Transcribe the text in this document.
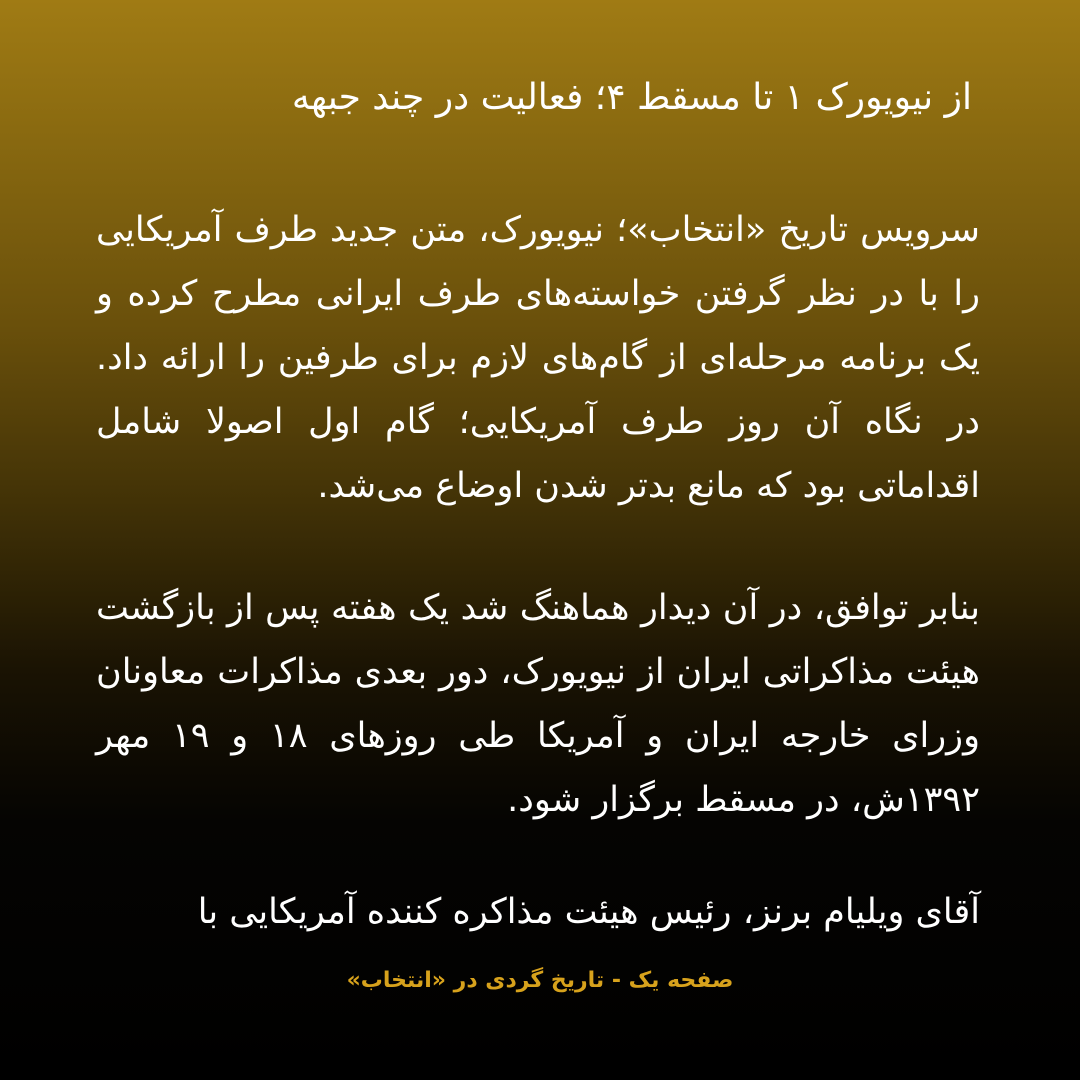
از نیویورک ۱ تا مسقط ۴؛ فعالیت در چند جبهه

سرویس تاریخ «انتخاب»؛ نیویورک، متن جدید طرف آمریکایی را با در نظر گرفتن خواسته‌های طرف ایرانی مطرح کرده و یک برنامه مرحله‌ای از گام‌های لازم برای طرفین را ارائه داد. در نگاه آن روز طرف آمریکایی؛ گام اول اصولا شامل اقداماتی بود که مانع بدتر شدن اوضاع می‌شد.

بنابر توافق، در آن دیدار هماهنگ شد یک هفته پس از بازگشت هیئت مذاکراتی ایران از نیویورک، دور بعدی مذاکرات معاونان وزرای خارجه ایران و آمریکا طی روزهای ۱۸ و ۱۹ مهر ۱۳۹۲ش، در مسقط برگزار شود.

آقای ویلیام برنز، رئیس هیئت مذاکره کننده آمریکایی با

صفحه یک - تاریخ گردی در «انتخاب»
